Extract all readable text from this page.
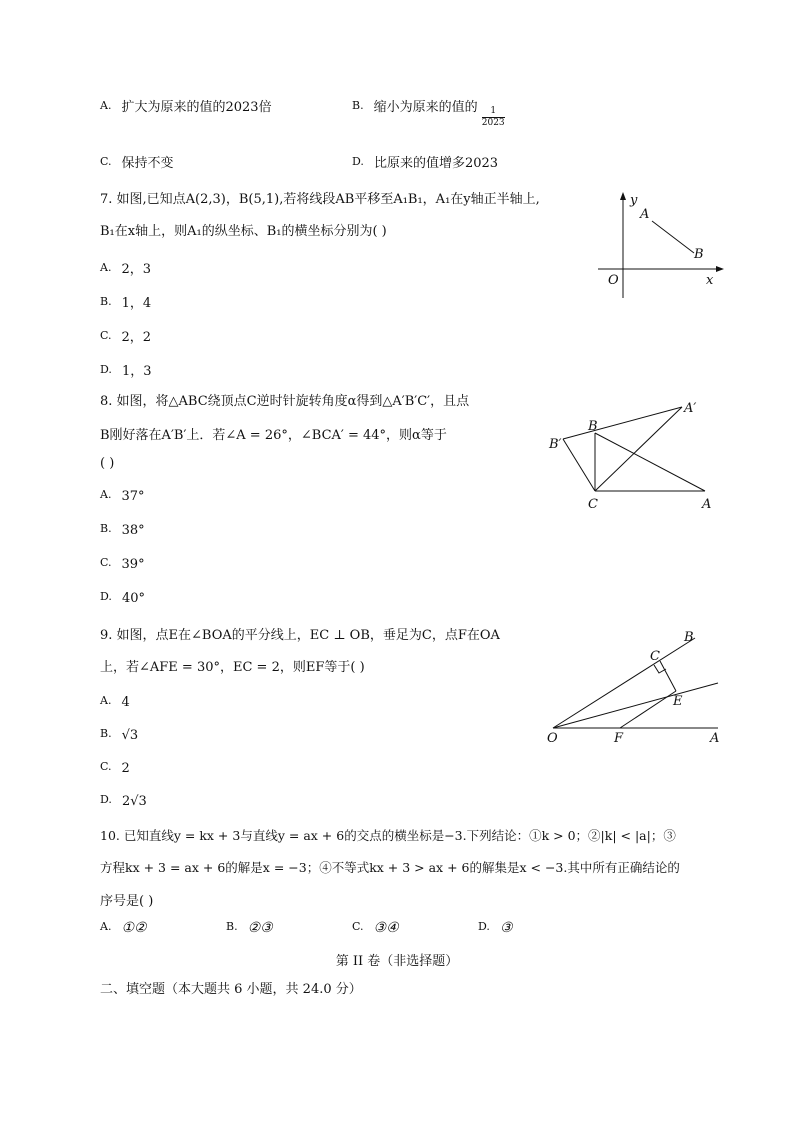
A. 扩大为原来的值的2023倍	B. 缩小为原来的值的 $\frac{1}{2023}$
C. 保持不变	D. 比原来的值增多2023
7. 如图,已知点A(2,3)，B(5,1),若将线段AB平移至A₁B₁，A₁在y轴正半轴上,
B₁在x轴上，则A₁的纵坐标、B₁的横坐标分别为( )
A. 2，3
B. 1，4
C. 2，2
D. 1，3
y
x
O
A
B
8. 如图，将△ABC绕顶点C逆时针旋转角度α得到△A′B′C′，且点
B刚好落在A′B′上．若∠A = 26°，∠BCA′ = 44°，则α等于
( )
A. 37°
B. 38°
C. 39°
D. 40°
A′
B
B′
C	A
9. 如图，点E在∠BOA的平分线上，EC ⊥ OB，垂足为C，点F在OA
上，若∠AFE = 30°，EC = 2，则EF等于( )
A. 4
B. √3
C. 2
D. 2√3
B
C
E
O	F	A
10. 已知直线y = kx + 3与直线y = ax + 6的交点的横坐标是−3.下列结论：①k > 0；②|k| < |a|；③
方程kx + 3 = ax + 6的解是x = −3；④不等式kx + 3 > ax + 6的解集是x < −3.其中所有正确结论的
序号是( )
A. ①②	B. ②③	C. ③④	D. ③
第 II 卷（非选择题）
二、填空题（本大题共 6 小题，共 24.0 分）
